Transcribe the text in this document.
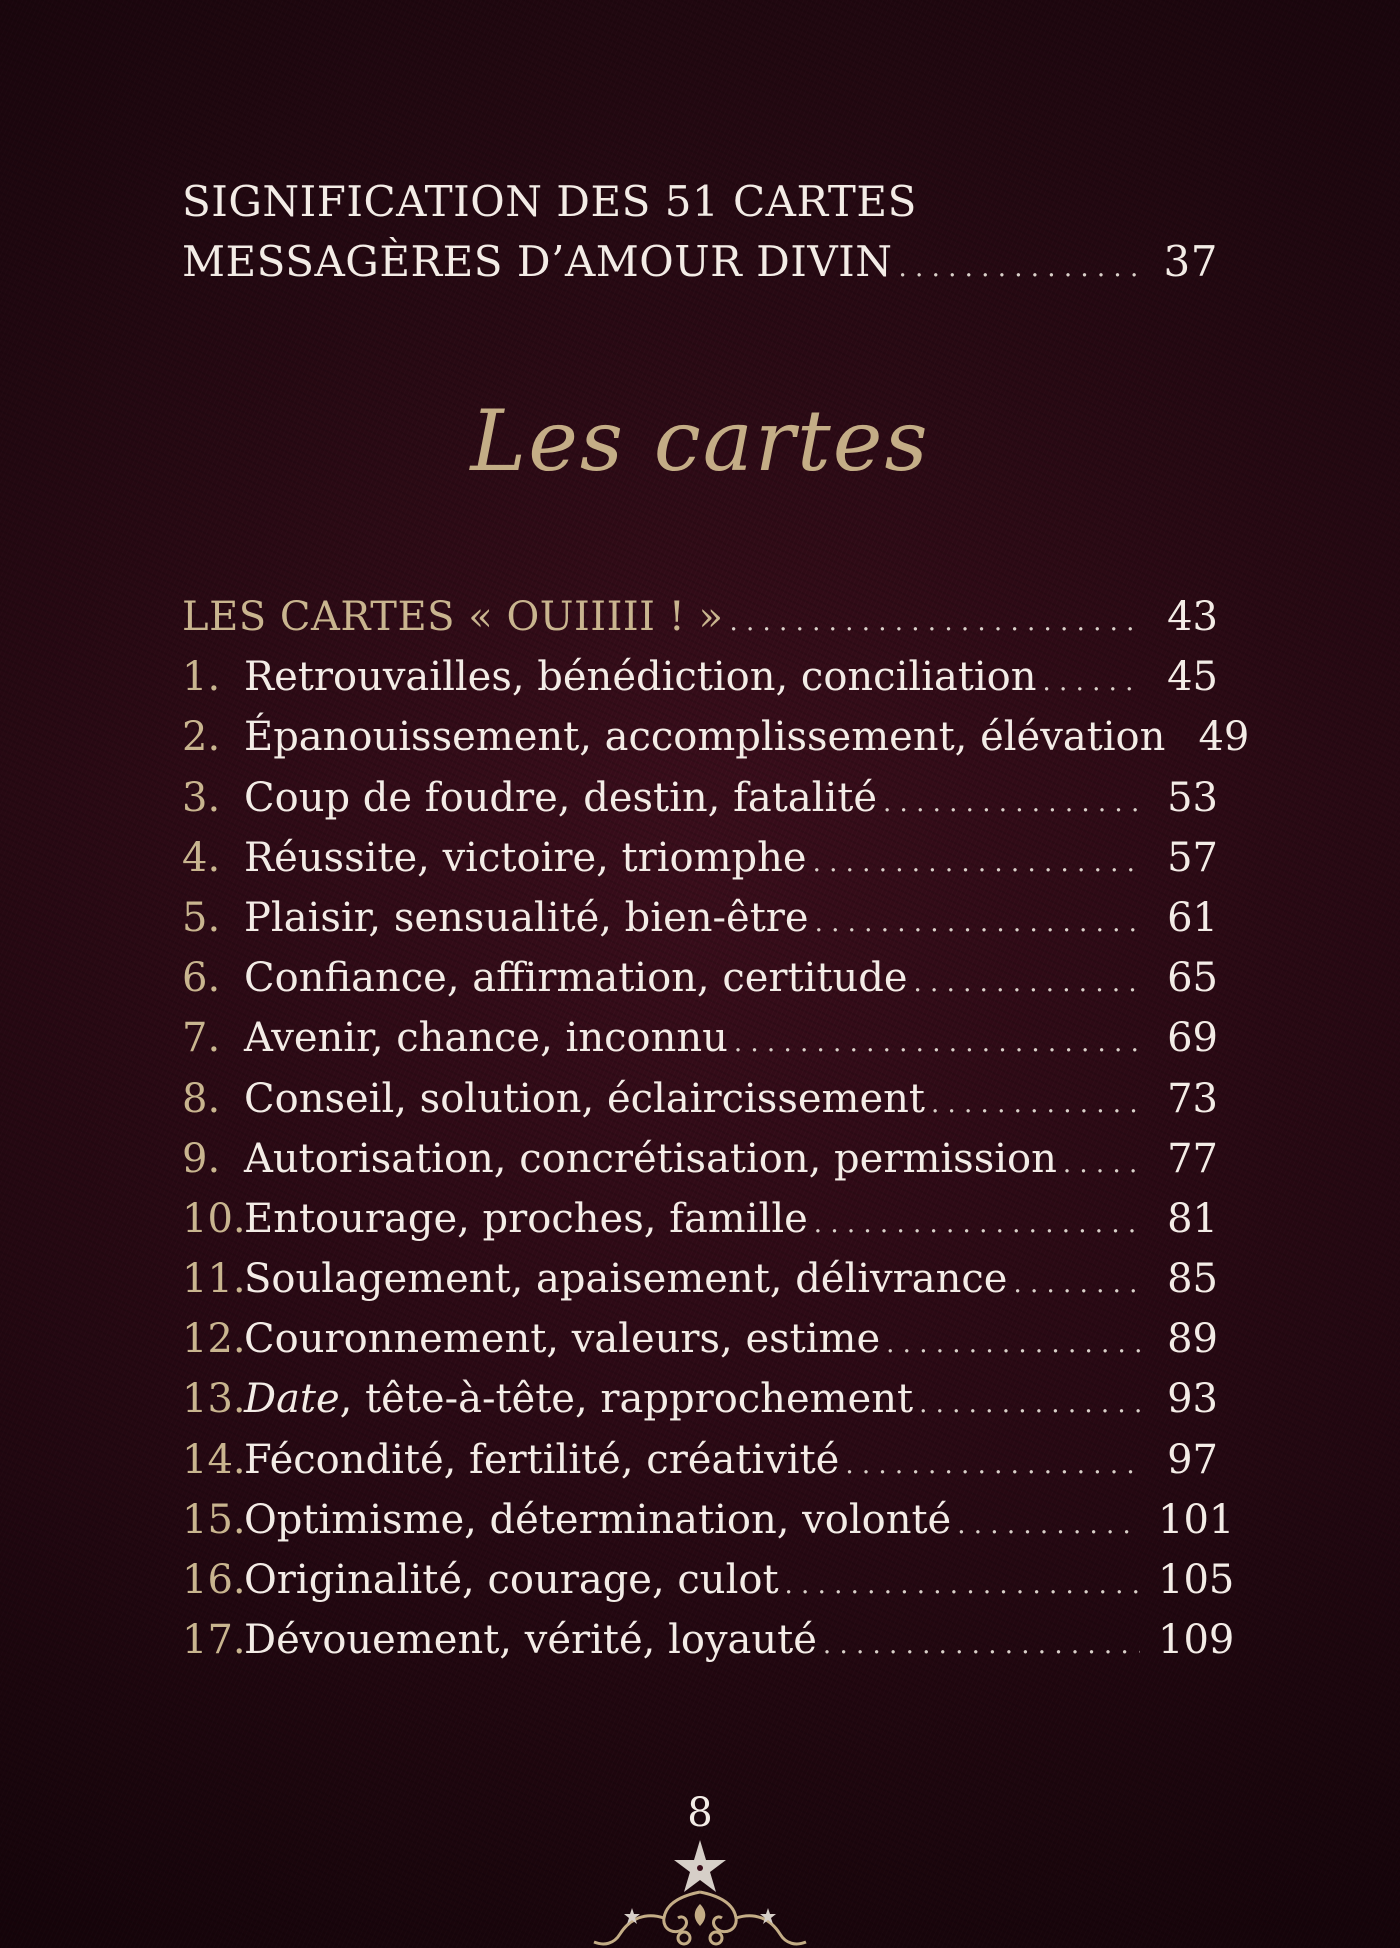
SIGNIFICATION DES 51 CARTES
MESSAGÈRES D’AMOUR DIVIN . . .	37
Les cartes
LES CARTES « OUIIIII ! » . . .	43
1. Retrouvailles, bénédiction, conciliation . . .	45
2. Épanouissement, accomplissement, élévation 49
3. Coup de foudre, destin, fatalité . . .	53
4. Réussite, victoire, triomphe . . .	57
5. Plaisir, sensualité, bien-être . . .	61
6. Confiance, affirmation, certitude . . .	65
7. Avenir, chance, inconnu . . .	69
8. Conseil, solution, éclaircissement . . .	73
9. Autorisation, concrétisation, permission . . .	77
10.Entourage, proches, famille . . .	81
11.Soulagement, apaisement, délivrance . . .	85
12.Couronnement, valeurs, estime . . .	89
13.Date, tête-à-tête, rapprochement . . .	93
14.Fécondité, fertilité, créativité . . .	97
15.Optimisme, détermination, volonté . . .	101
16.Originalité, courage, culot . . .	105
17.Dévouement, vérité, loyauté . . .	109
8
